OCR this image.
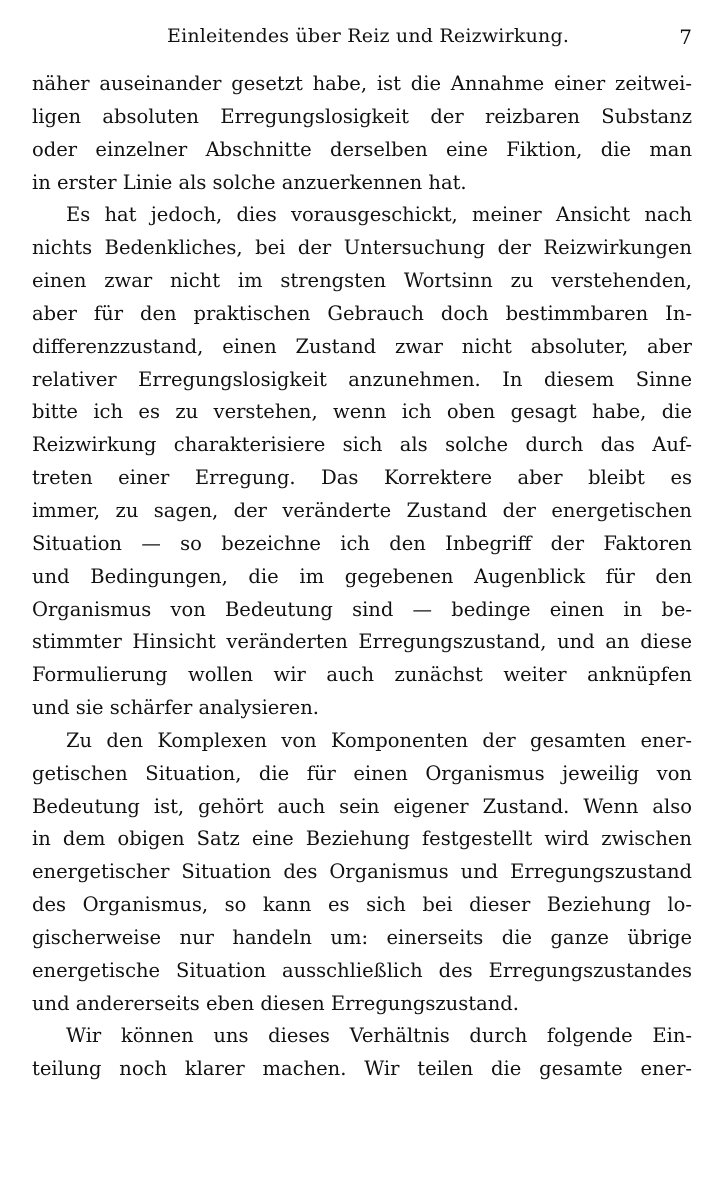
Einleitendes über Reiz und Reizwirkung.	7
näher auseinander gesetzt habe, ist die Annahme einer zeitwei-
ligen absoluten Erregungslosigkeit der reizbaren Substanz
oder einzelner Abschnitte derselben eine Fiktion, die man
in erster Linie als solche anzuerkennen hat.
Es hat jedoch, dies vorausgeschickt, meiner Ansicht nach
nichts Bedenkliches, bei der Untersuchung der Reizwirkungen
einen zwar nicht im strengsten Wortsinn zu verstehenden,
aber für den praktischen Gebrauch doch bestimmbaren In-
differenzzustand, einen Zustand zwar nicht absoluter, aber
relativer Erregungslosigkeit anzunehmen. In diesem Sinne
bitte ich es zu verstehen, wenn ich oben gesagt habe, die
Reizwirkung charakterisiere sich als solche durch das Auf-
treten einer Erregung. Das Korrektere aber bleibt es
immer, zu sagen, der veränderte Zustand der energetischen
Situation — so bezeichne ich den Inbegriff der Faktoren
und Bedingungen, die im gegebenen Augenblick für den
Organismus von Bedeutung sind — bedinge einen in be-
stimmter Hinsicht veränderten Erregungszustand, und an diese
Formulierung wollen wir auch zunächst weiter anknüpfen
und sie schärfer analysieren.
Zu den Komplexen von Komponenten der gesamten ener-
getischen Situation, die für einen Organismus jeweilig von
Bedeutung ist, gehört auch sein eigener Zustand. Wenn also
in dem obigen Satz eine Beziehung festgestellt wird zwischen
energetischer Situation des Organismus und Erregungszustand
des Organismus, so kann es sich bei dieser Beziehung lo-
gischerweise nur handeln um: einerseits die ganze übrige
energetische Situation ausschließlich des Erregungszustandes
und andererseits eben diesen Erregungszustand.
Wir können uns dieses Verhältnis durch folgende Ein-
teilung noch klarer machen. Wir teilen die gesamte ener-
